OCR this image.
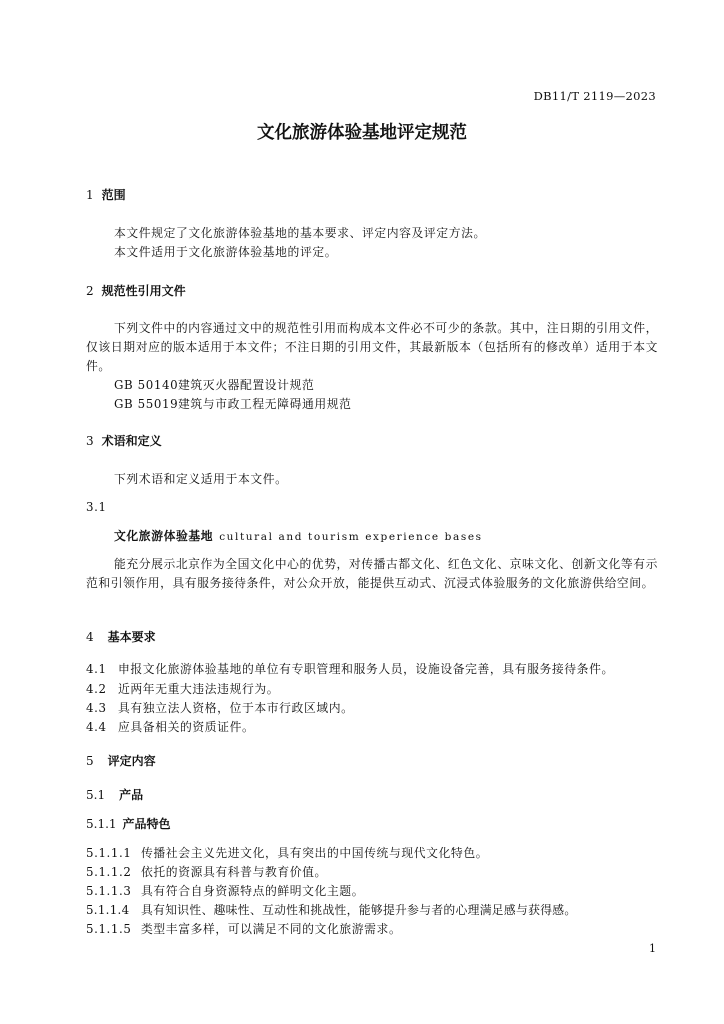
DB11/T 2119—2023
文化旅游体验基地评定规范
1 范围
本文件规定了文化旅游体验基地的基本要求、评定内容及评定方法。
本文件适用于文化旅游体验基地的评定。
2 规范性引用文件
下列文件中的内容通过文中的规范性引用而构成本文件必不可少的条款。其中，注日期的引用文件，仅该日期对应的版本适用于本文件；不注日期的引用文件，其最新版本（包括所有的修改单）适用于本文件。
GB 50140建筑灭火器配置设计规范
GB 55019建筑与市政工程无障碍通用规范
3 术语和定义
下列术语和定义适用于本文件。
3.1
文化旅游体验基地 cultural and tourism experience bases
能充分展示北京作为全国文化中心的优势，对传播古都文化、红色文化、京味文化、创新文化等有示范和引领作用，具有服务接待条件，对公众开放，能提供互动式、沉浸式体验服务的文化旅游供给空间。
4 基本要求
4.1 申报文化旅游体验基地的单位有专职管理和服务人员，设施设备完善，具有服务接待条件。
4.2 近两年无重大违法违规行为。
4.3 具有独立法人资格，位于本市行政区域内。
4.4 应具备相关的资质证件。
5 评定内容
5.1 产品
5.1.1 产品特色
5.1.1.1 传播社会主义先进文化，具有突出的中国传统与现代文化特色。
5.1.1.2 依托的资源具有科普与教育价值。
5.1.1.3 具有符合自身资源特点的鲜明文化主题。
5.1.1.4 具有知识性、趣味性、互动性和挑战性，能够提升参与者的心理满足感与获得感。
5.1.1.5 类型丰富多样，可以满足不同的文化旅游需求。
1
